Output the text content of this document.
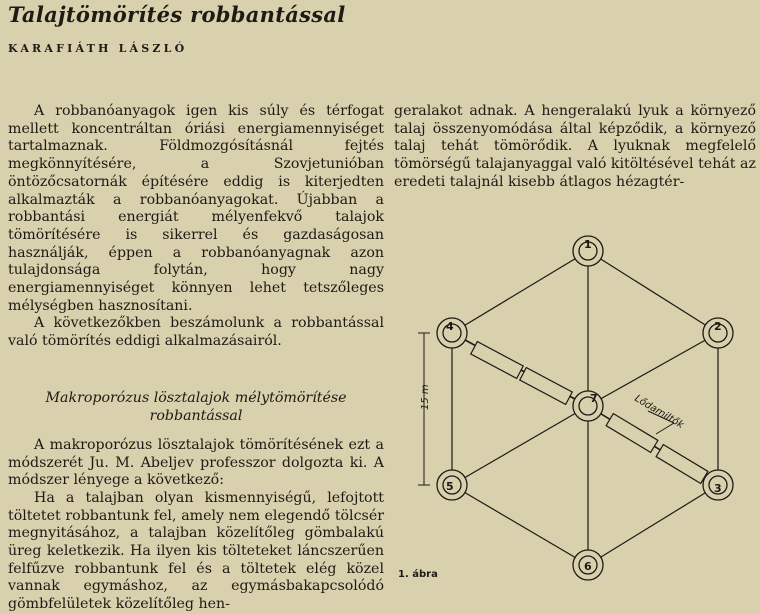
Talajtömörítés robbantással
KARAFIÁTH LÁSZLÓ

A robbanóanyagok igen kis súly és térfogat mellett koncentráltan óriási energiamennyiséget tartalmaznak. Földmozgósításnál fejtés megkönnyítésére, a Szovjetunióban öntözőcsatornák építésére eddig is kiterjedten alkalmazták a robbanóanyagokat. Újabban a robbantási energiát mélyenfekvő talajok tömörítésére is sikerrel és gazdaságosan használják, éppen a robbanóanyagnak azon tulajdonsága folytán, hogy nagy energiamennyiséget könnyen lehet tetszőleges mélységben hasznosítani.

A következőkben beszámolunk a robbantással való tömörítés eddigi alkalmazásairól.

Makroporózus lösztalajok mélytömörítése robbantással

A makroporózus lösztalajok tömörítésének ezt a módszerét Ju. M. Abeljev professzor dolgozta ki. A módszer lényege a következő:

Ha a talajban olyan kismennyiségű, lefojtott töltetet robbantunk fel, amely nem elegendő tölcsér megnyitásához, a talajban közelítőleg gömbalakú üreg keletkezik. Ha ilyen kis tölteteket láncszerűen felfűzve robbantunk fel és a töltetek elég közel vannak egymáshoz, az egymásbakapcsolódó gömbfelületek közelítőleg hen-

geralakot adnak. A hengeralakú lyuk a környező talaj összenyomódása által képződik, a környező talaj tehát tömörődik. A lyuknak megfelelő tömörségű talajanyaggal való kitöltésével tehát az eredeti talajnál kisebb átlagos hézagtér-

1
2
3
4
5
6
7
15 m	Lődamiltők
1. ábra
